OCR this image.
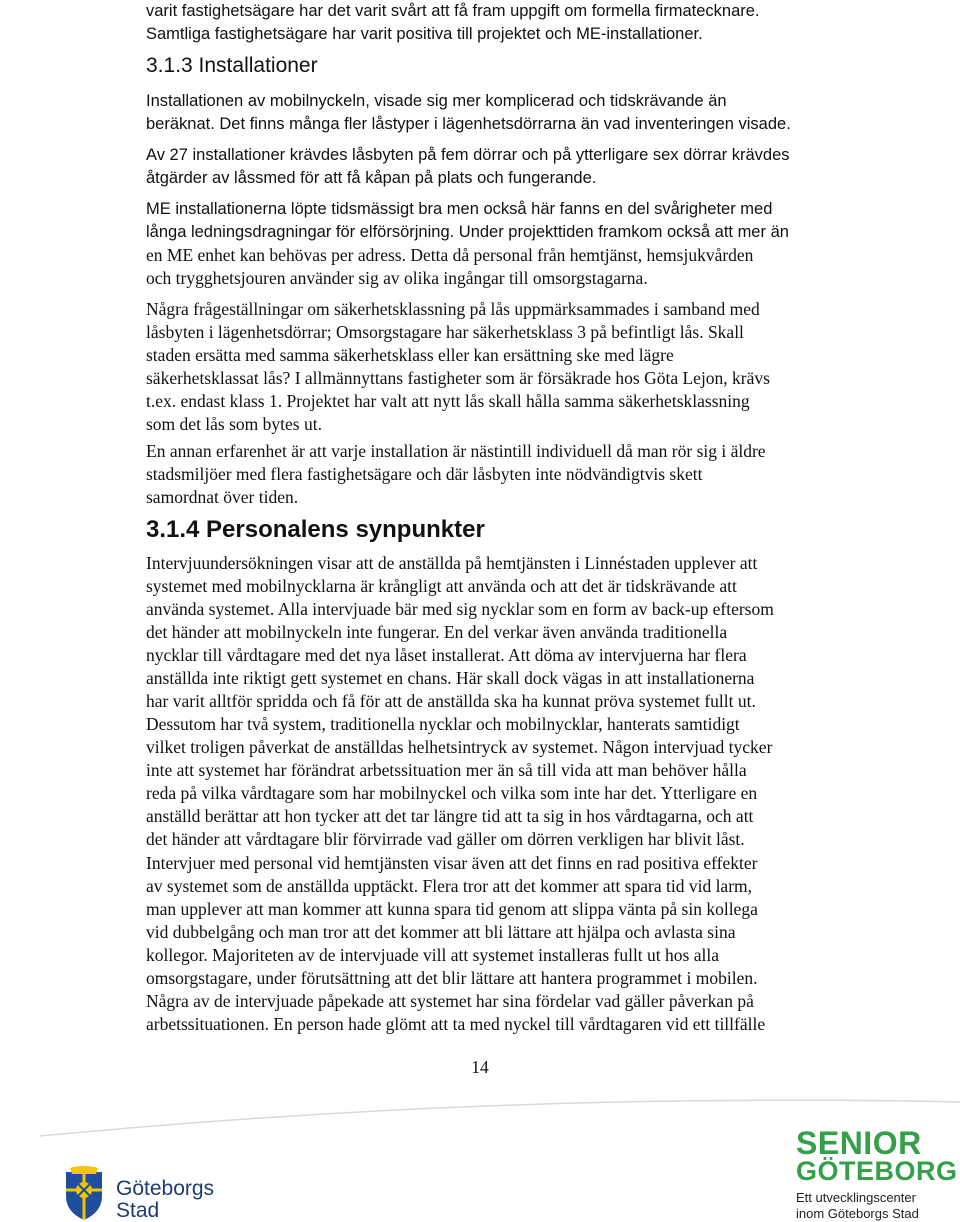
varit fastighetsägare har det varit svårt att få fram uppgift om formella firmatecknare.
Samtliga fastighetsägare har varit positiva till projektet och ME-installationer.
3.1.3 Installationer
Installationen av mobilnyckeln, visade sig mer komplicerad och tidskrävande än
beräknat. Det finns många fler låstyper i lägenhetsdörrarna än vad inventeringen visade.
Av 27 installationer krävdes låsbyten på fem dörrar och på ytterligare sex dörrar krävdes
åtgärder av låssmed för att få kåpan på plats och fungerande.
ME installationerna löpte tidsmässigt bra men också här fanns en del svårigheter med
långa ledningsdragningar för elförsörjning. Under projekttiden framkom också att mer än
en ME enhet kan behövas per adress. Detta då personal från hemtjänst, hemsjukvården
och trygghetsjouren använder sig av olika ingångar till omsorgstagarna.
Några frågeställningar om säkerhetsklassning på lås uppmärksammades i samband med
låsbyten i lägenhetsdörrar; Omsorgstagare har säkerhetsklass 3 på befintligt lås. Skall
staden ersätta med samma säkerhetsklass eller kan ersättning ske med lägre
säkerhetsklassat lås? I allmännyttans fastigheter som är försäkrade hos Göta Lejon, krävs
t.ex. endast klass 1. Projektet har valt att nytt lås skall hålla samma säkerhetsklassning
som det lås som bytes ut.
En annan erfarenhet är att varje installation är nästintill individuell då man rör sig i äldre
stadsmiljöer med flera fastighetsägare och där låsbyten inte nödvändigtvis skett
samordnat över tiden.
3.1.4 Personalens synpunkter
Intervjuundersökningen visar att de anställda på hemtjänsten i Linnéstaden upplever att
systemet med mobilnycklarna är krångligt att använda och att det är tidskrävande att
använda systemet. Alla intervjuade bär med sig nycklar som en form av back-up eftersom
det händer att mobilnyckeln inte fungerar. En del verkar även använda traditionella
nycklar till vårdtagare med det nya låset installerat. Att döma av intervjuerna har flera
anställda inte riktigt gett systemet en chans. Här skall dock vägas in att installationerna
har varit alltför spridda och få för att de anställda ska ha kunnat pröva systemet fullt ut.
Dessutom har två system, traditionella nycklar och mobilnycklar, hanterats samtidigt
vilket troligen påverkat de anställdas helhetsintryck av systemet. Någon intervjuad tycker
inte att systemet har förändrat arbetssituation mer än så till vida att man behöver hålla
reda på vilka vårdtagare som har mobilnyckel och vilka som inte har det. Ytterligare en
anställd berättar att hon tycker att det tar längre tid att ta sig in hos vårdtagarna, och att
det händer att vårdtagare blir förvirrade vad gäller om dörren verkligen har blivit låst.
Intervjuer med personal vid hemtjänsten visar även att det finns en rad positiva effekter
av systemet som de anställda upptäckt. Flera tror att det kommer att spara tid vid larm,
man upplever att man kommer att kunna spara tid genom att slippa vänta på sin kollega
vid dubbelgång och man tror att det kommer att bli lättare att hjälpa och avlasta sina
kollegor. Majoriteten av de intervjuade vill att systemet installeras fullt ut hos alla
omsorgstagare, under förutsättning att det blir lättare att hantera programmet i mobilen.
Några av de intervjuade påpekade att systemet har sina fördelar vad gäller påverkan på
arbetssituationen. En person hade glömt att ta med nyckel till vårdtagaren vid ett tillfälle
14
Göteborgs
Stad
SENIOR
GÖTEBORG
Ett utvecklingscenter
inom Göteborgs Stad
